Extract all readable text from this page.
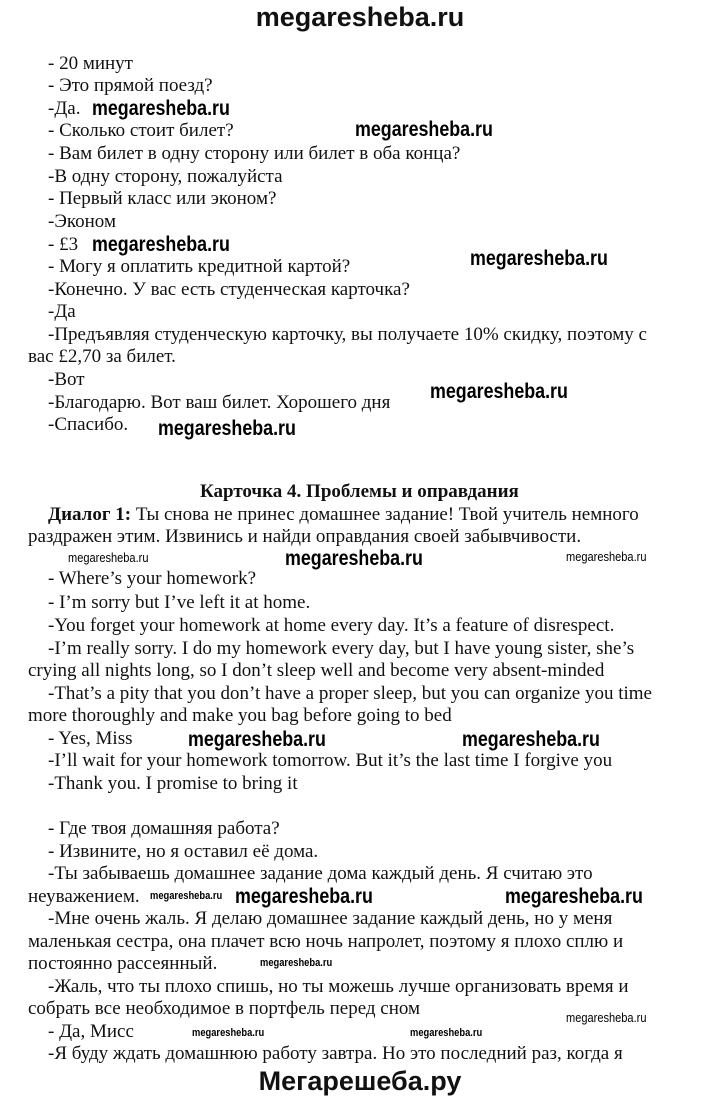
megaresheba.ru
Карточка 4. Проблемы и оправдания
Диалог 1: Ты снова не принес домашнее задание! Твой учитель немного
раздражен этим. Извинись и найди оправдания своей забывчивости.
- 20 минут
- Это прямой поезд?
-Да.
- Сколько стоит билет?
- Вам билет в одну сторону или билет в оба конца?
-В одну сторону, пожалуйста
- Первый класс или эконом?
-Эконом
- £3
- Могу я оплатить кредитной картой?
-Конечно. У вас есть студенческая карточка?
-Да
-Предъявляя студенческую карточку, вы получаете 10% скидку, поэтому с
вас £2,70 за билет.
-Вот
-Благодарю. Вот ваш билет. Хорошего дня
-Спасибо.
- Where’s your homework?
- I’m sorry but I’ve left it at home.
-You forget your homework at home every day. It’s a feature of disrespect.
-I’m really sorry. I do my homework every day, but I have young sister, she’s
crying all nights long, so I don’t sleep well and become very absent-minded
-That’s a pity that you don’t have a proper sleep, but you can organize you time
more thoroughly and make you bag before going to bed
- Yes, Miss
-I’ll wait for your homework tomorrow. But it’s the last time I forgive you
-Thank you. I promise to bring it
- Где твоя домашняя работа?
- Извините, но я оставил её дома.
-Ты забываешь домашнее задание дома каждый день. Я считаю это
неуважением.
-Мне очень жаль. Я делаю домашнее задание каждый день, но у меня
маленькая сестра, она плачет всю ночь напролет, поэтому я плохо сплю и
постоянно рассеянный.
-Жаль, что ты плохо спишь, но ты можешь лучше организовать время и
собрать все необходимое в портфель перед сном
- Да, Мисс
-Я буду ждать домашнюю работу завтра. Но это последний раз, когда я
megaresheba.ru
megaresheba.ru
megaresheba.ru
megaresheba.ru
megaresheba.ru
megaresheba.ru
megaresheba.ru
megaresheba.ru	megaresheba.ru
megaresheba.ru	megaresheba.ru
megaresheba.ru
megaresheba.ru
megaresheba.ru
megaresheba.ru
megaresheba.ru	megaresheba.ru
megaresheba.ru
Мегарешеба.ру
